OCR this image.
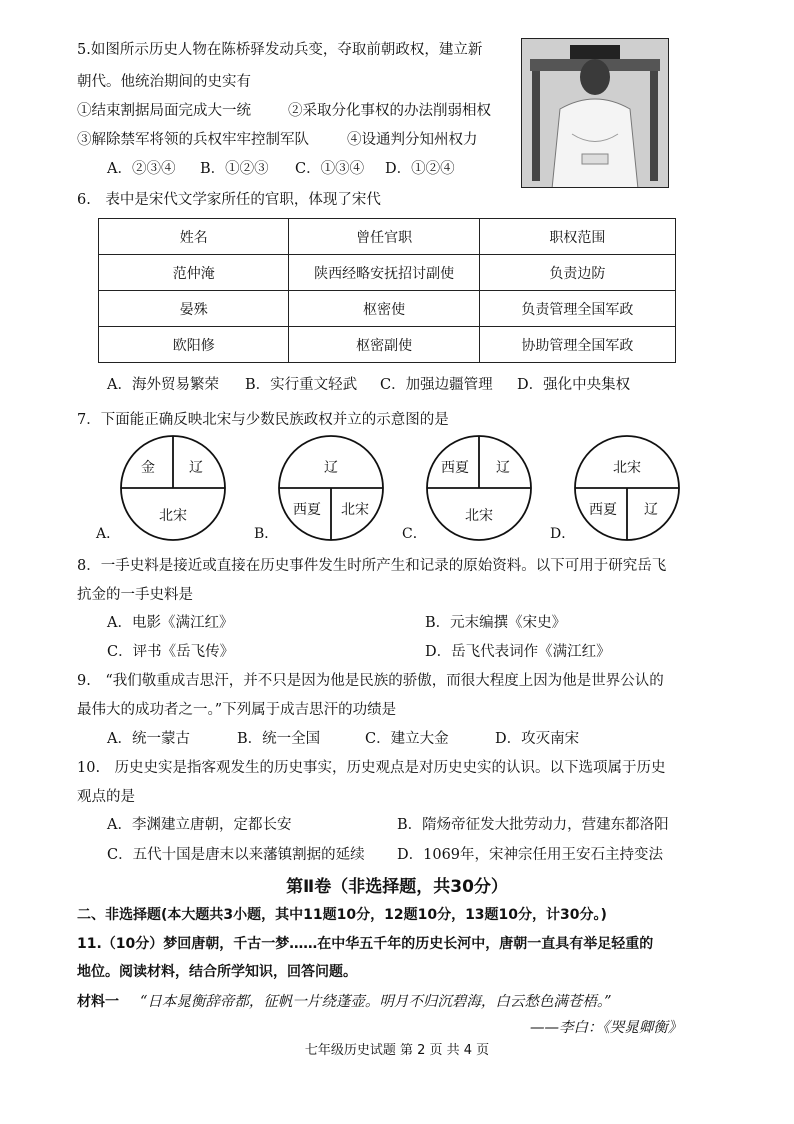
5.如图所示历史人物在陈桥驿发动兵变，夺取前朝政权，建立新
朝代。他统治期间的史实有
①结束割据局面完成大一统	②采取分化事权的办法削弱相权
③解除禁军将领的兵权牢牢控制军队	④设通判分知州权力
A．②③④ B．①②③ C．①③④ D．①②④
6.　表中是宋代文学家所任的官职，体现了宋代
姓名	曾任官职	职权范围
范仲淹	陕西经略安抚招讨副使	负责边防
晏殊	枢密使	负责管理全国军政
欧阳修	枢密副使	协助管理全国军政
A．海外贸易繁荣 B．实行重文轻武 C．加强边疆管理 D．强化中央集权
7．下面能正确反映北宋与少数民族政权并立的示意图的是
A．
金 辽
北宋
B．
辽
西夏 北宋
C．
西夏 辽
北宋
D．
北宋
西夏 辽
8．一手史料是接近或直接在历史事件发生时所产生和记录的原始资料。以下可用于研究岳飞
抗金的一手史料是
A．电影《满江红》	B．元末编撰《宋史》
C．评书《岳飞传》	D．岳飞代表词作《满江红》
9.　“我们敬重成吉思汗，并不只是因为他是民族的骄傲，而很大程度上因为他是世界公认的
最伟大的成功者之一。”下列属于成吉思汗的功绩是
A．统一蒙古	B．统一全国	C．建立大金	D．攻灭南宋
10.　历史史实是指客观发生的历史事实，历史观点是对历史史实的认识。以下选项属于历史
观点的是
A．李渊建立唐朝，定都长安	B．隋炀帝征发大批劳动力，营建东都洛阳
C．五代十国是唐末以来藩镇割据的延续 D．1069年，宋神宗任用王安石主持变法
第Ⅱ卷（非选择题，共30分）
二、非选择题(本大题共3小题，其中11题10分，12题10分，13题10分，计30分。)
11.（10分）梦回唐朝，千古一梦……在中华五千年的历史长河中，唐朝一直具有举足轻重的
地位。阅读材料，结合所学知识，回答问题。
材料一 “日本晁衡辞帝都，征帆一片绕蓬壶。明月不归沉碧海，白云愁色满苍梧。”
——李白：《哭晁卿衡》
七年级历史试题 第 2 页 共 4 页
